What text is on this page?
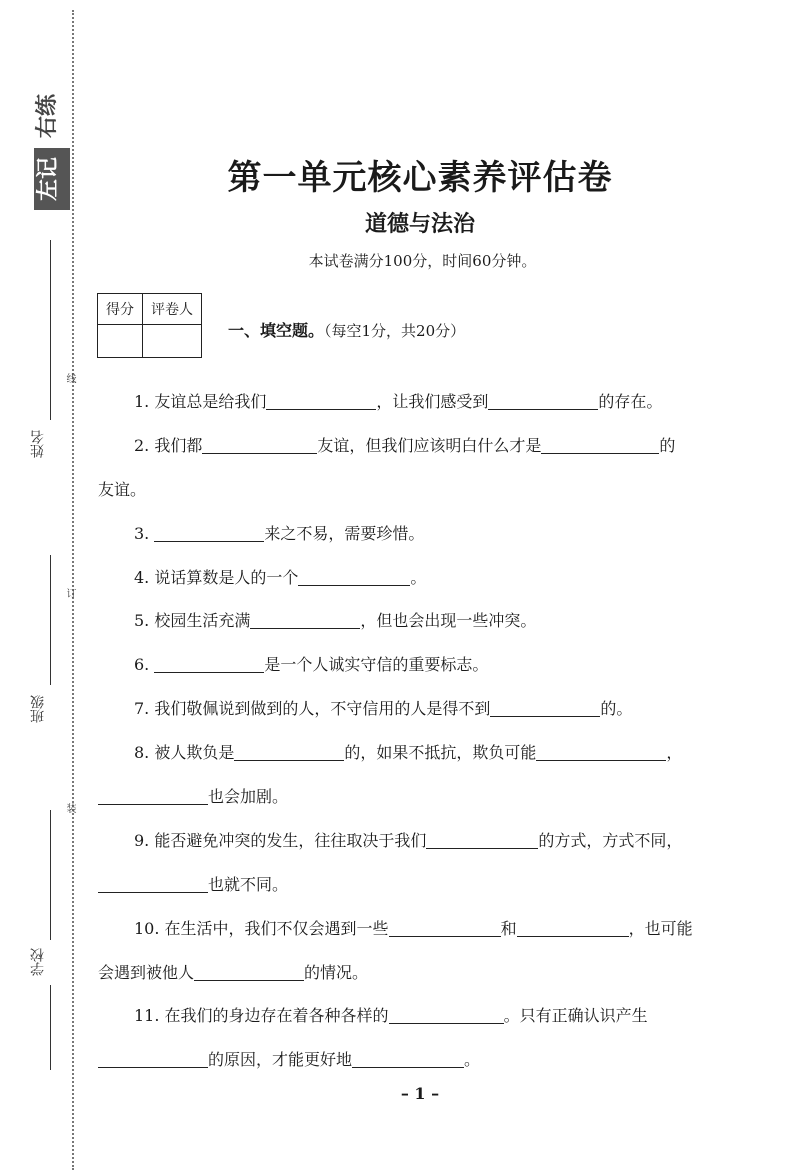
左记
右练
姓名
班级
学校
线
订
装
第一单元核心素养评估卷
道德与法治
本试卷满分100分，时间60分钟。
得分	评卷人

一、填空题。（每空1分，共20分）
1. 友谊总是给我们	，让我们感受到	的存在。
2. 我们都	友谊，但我们应该明白什么才是	的
友谊。
3.	来之不易，需要珍惜。
4. 说话算数是人的一个	。
5. 校园生活充满	，但也会出现一些冲突。
6.	是一个人诚实守信的重要标志。
7. 我们敬佩说到做到的人，不守信用的人是得不到	的。
8. 被人欺负是	的，如果不抵抗，欺负可能	，
也会加剧。
9. 能否避免冲突的发生，往往取决于我们	的方式，方式不同，
也就不同。
10. 在生活中，我们不仅会遇到一些	和	，也可能
会遇到被他人	的情况。
11. 在我们的身边存在着各种各样的	。只有正确认识产生
的原因，才能更好地	。
– 1 –
